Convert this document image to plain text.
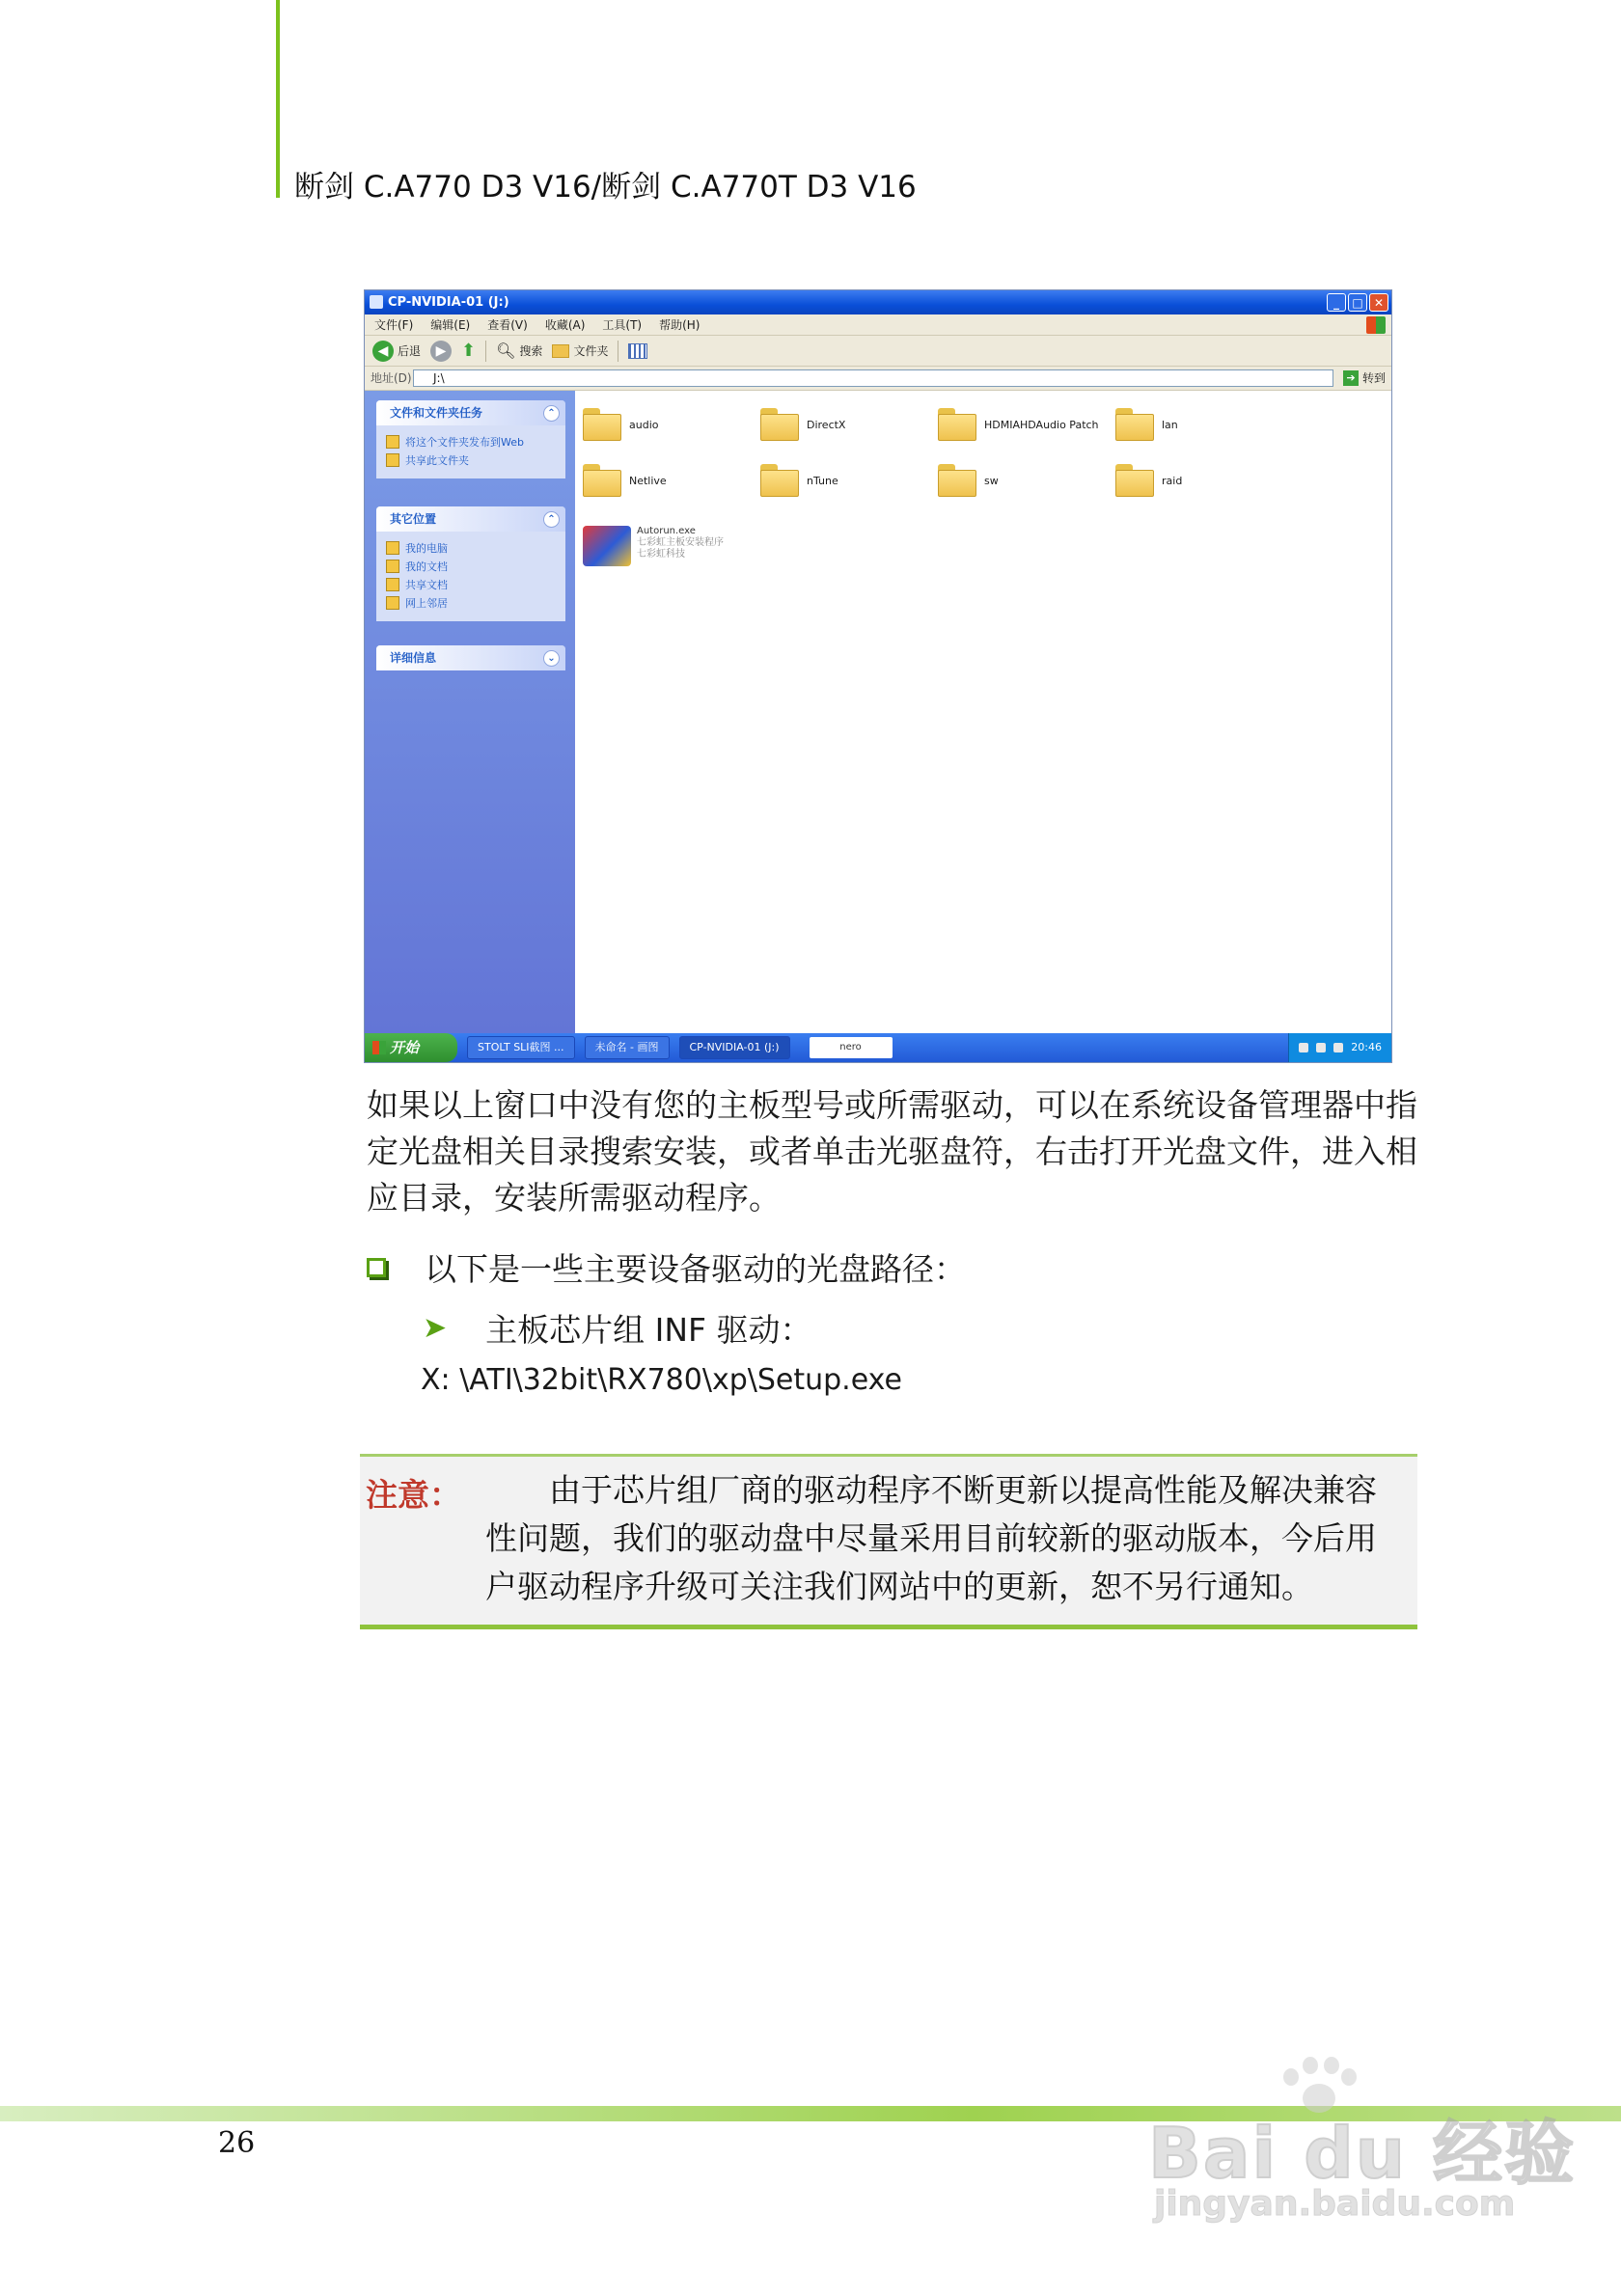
断剑 C.A770 D3 V16/断剑 C.A770T D3 V16
CP-NVIDIA-01 (J:)	_	□ ✕
文件(F) 编辑(E) 查看(V) 收藏(A) 工具(T) 帮助(H)
◀ 后退	▶ ⬆ 🔍︎ 搜索	文件夹
地址(D)	J:\	➔ 转到
文件和文件夹任务	⌃
将这个文件夹发布到Web
共享此文件夹
其它位置	⌃
我的电脑
我的文档
共享文档
网上邻居
详细信息	⌄
audio	DirectX	HDMIAHDAudio Patch	lan
Netlive	nTune	sw	raid
Autorun.exe
七彩虹主板安装程序
七彩虹科技
开始	STOLT SLI截图 ...	未命名 - 画图	CP-NVIDIA-01 (J:)	nero	20:46
如果以上窗口中没有您的主板型号或所需驱动，可以在系统设备管理器中指定光盘相关目录搜索安装，或者单击光驱盘符，右击打开光盘文件，进入相应目录，安装所需驱动程序。
以下是一些主要设备驱动的光盘路径：
➤ 主板芯片组 INF 驱动：
X: \ATI\32bit\RX780\xp\Setup.exe
注意：	由于芯片组厂商的驱动程序不断更新以提高性能及解决兼容性问题，我们的驱动盘中尽量采用目前较新的驱动版本，今后用户驱动程序升级可关注我们网站中的更新，恕不另行通知。
26	Bai du 经验
jingyan.baidu.com
